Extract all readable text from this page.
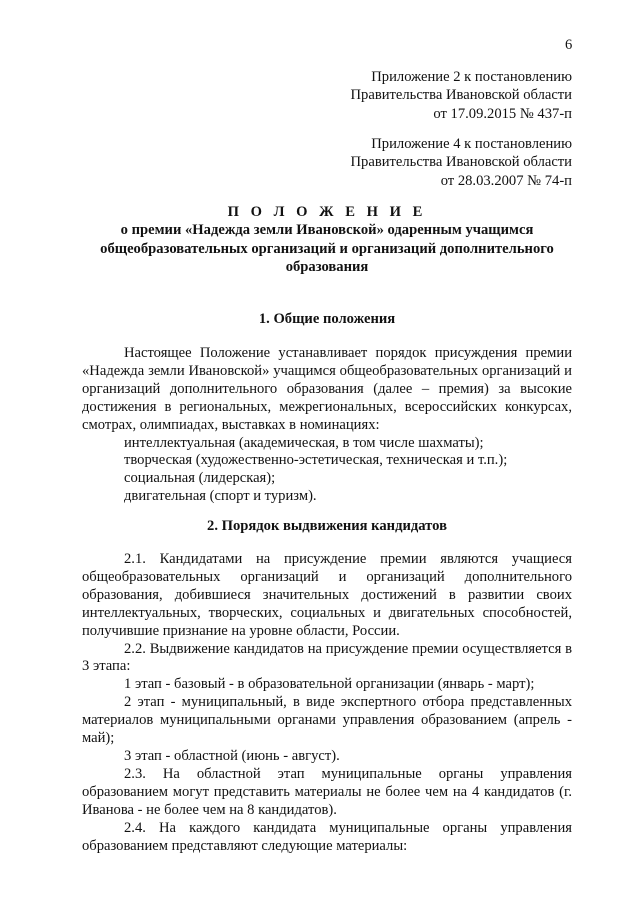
6
Приложение 2 к постановлению
Правительства Ивановской области
от 17.09.2015 № 437-п
Приложение 4 к постановлению
Правительства Ивановской области
от 28.03.2007 № 74-п
П О Л О Ж Е Н И Е
о премии «Надежда земли Ивановской» одаренным учащимся
общеобразовательных организаций и организаций дополнительного
образования
1. Общие положения

Настоящее Положение устанавливает порядок присуждения премии «Надежда земли Ивановской» учащимся общеобразовательных организаций и организаций дополнительного образования (далее – премия) за высокие достижения в региональных, межрегиональных, всероссийских конкурсах, смотрах, олимпиадах, выставках в номинациях:

интеллектуальная (академическая, в том числе шахматы);

творческая (художественно-эстетическая, техническая и т.п.);

социальная (лидерская);

двигательная (спорт и туризм).

2. Порядок выдвижения кандидатов

2.1. Кандидатами на присуждение премии являются учащиеся общеобразовательных организаций и организаций дополнительного образования, добившиеся значительных достижений в развитии своих интеллектуальных, творческих, социальных и двигательных способностей, получившие признание на уровне области, России.

2.2. Выдвижение кандидатов на присуждение премии осуществляется в 3 этапа:

1 этап - базовый - в образовательной организации (январь - март);

2 этап - муниципальный, в виде экспертного отбора представленных материалов муниципальными органами управления образованием (апрель - май);

3 этап - областной (июнь - август).

2.3. На областной этап муниципальные органы управления образованием могут представить материалы не более чем на 4 кандидатов (г. Иванова - не более чем на 8 кандидатов).

2.4. На каждого кандидата муниципальные органы управления образованием представляют следующие материалы:
